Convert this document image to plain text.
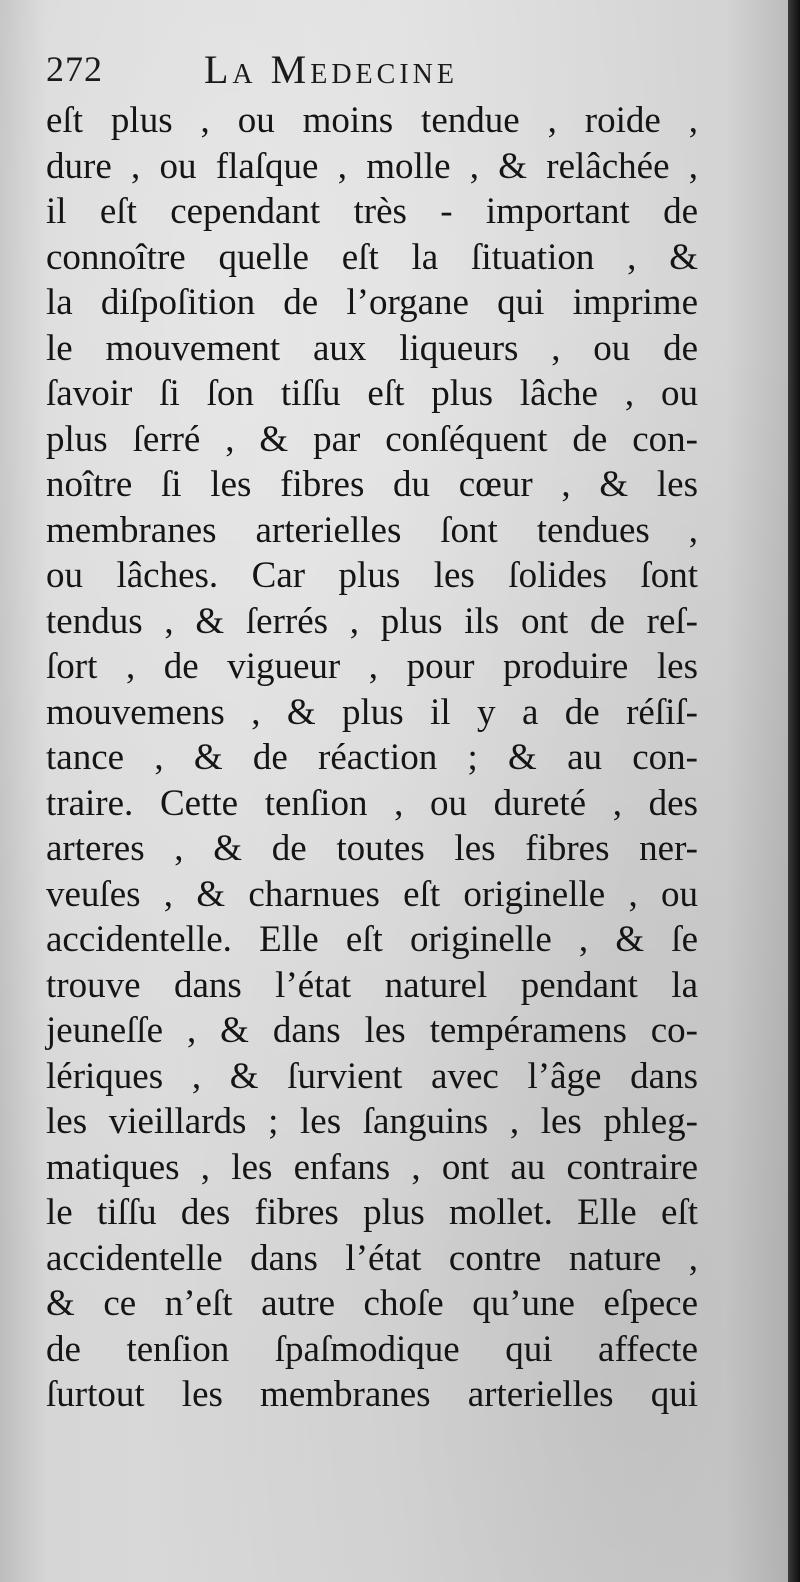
272	La Medecine
eſt plus , ou moins tendue , roide ,
dure , ou flaſque , molle , & relâchée ,
il eſt cependant très - important de
connoître quelle eſt la ſituation , &
la diſpoſition de l’organe qui imprime
le mouvement aux liqueurs , ou de
ſavoir ſi ſon tiſſu eſt plus lâche , ou
plus ſerré , & par conſéquent de con-
noître ſi les fibres du cœur , & les
membranes arterielles ſont tendues ,
ou lâches. Car plus les ſolides ſont
tendus , & ſerrés , plus ils ont de reſ-
ſort , de vigueur , pour produire les
mouvemens , & plus il y a de réſiſ-
tance , & de réaction ; & au con-
traire. Cette tenſion , ou dureté , des
arteres , & de toutes les fibres ner-
veuſes , & charnues eſt originelle , ou
accidentelle. Elle eſt originelle , & ſe
trouve dans l’état naturel pendant la
jeuneſſe , & dans les tempéramens co-
lériques , & ſurvient avec l’âge dans
les vieillards ; les ſanguins , les phleg-
matiques , les enfans , ont au contraire
le tiſſu des fibres plus mollet. Elle eſt
accidentelle dans l’état contre nature ,
& ce n’eſt autre choſe qu’une eſpece
de tenſion ſpaſmodique qui affecte
ſurtout les membranes arterielles qui
